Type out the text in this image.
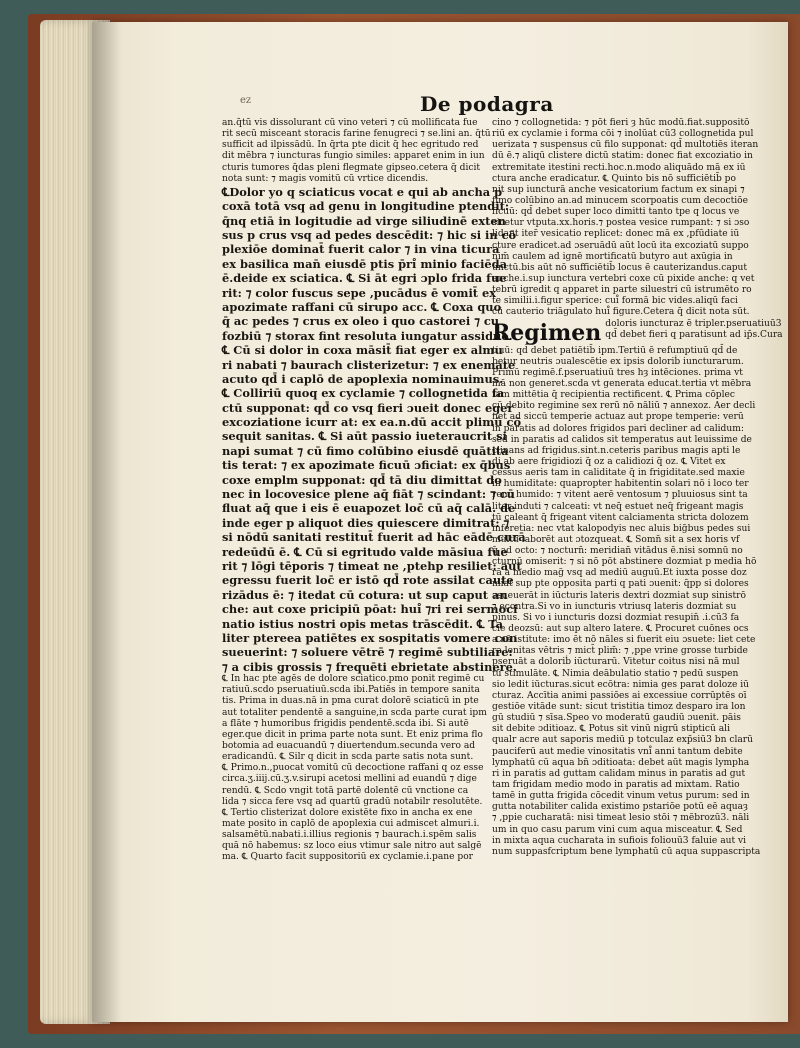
ez	De podagra
an.q̄tū vis dissolurant cū vino veteri ⁊ cū mollificata fue
rit secū misceant storacis farine fenugreci ⁊ se.lini an. q̄tū
sufficit ad ilpissādū. In q̄rta pte dicit q̄ hec egritudo red
dit mēbra ⁊ iuncturas fungio similes: apparet enim in iun
cturis tumores q̄das pleni flegmate gipseo.cetera q̄ dicit
nota sunt: ⁊ magis vomitū cū vrtice dicendis.
℄Dolor yo q sciaticus vocat e qui ab ancha p
coxā totā vsq ad genu in longitudine ptendit:
q̄nq etiā in logitudie ad virge siliudinē exten
sus p crus vsq ad pedes descēdit: ⁊ hic si in cō
plexiōe dominat̄ fuerit calor ⁊ in vina ticura
ex basilica man̄ eiusdē ptis p̄ri̊ minio faciēda
ē.deide ex sciatica. ℄ Si āt egri ɔplo frida fue
rit: ⁊ color fuscus sepe ,pucādus ē vomit̄ ex
apozimate raffani cū sirupo acc. ℄ Coxa quo
q̄ ac pedes ⁊ crus ex oleo i quo castorei ⁊ cu
fozbiū ⁊ storax fint resoluta iungatur assidue.
℄ Cū si dolor in coxa māsit̄ fiat eger ex almu
ri nabati ⁊ baurach clisterizetur: ⁊ ex enemate
acuto qd̄ i caplō de apoplexia nominauimus.
℄ Colliriū quoq ex cyclamie ⁊ collognetida fa
ctū supponat: qd̄ co vsq fieri ɔueit donec eger
excoziatione icurr at: ex ea.n.dū accit plimū cō
sequit sanitas. ℄ Si aūt passio iueteraucrit si
napi sumat ⁊ cū fimo colūbino eiusdē quātita
tis terat: ⁊ ex apozimate ficuū ɔficiat: ex q̄bus
coxe emplm supponat: qd̄ tā diu dimittat do
nec in locovesice plene aq̄ fiāt ⁊ scindant: ⁊ cū
fluat aq̄ que i eis ē euapozet loc̄ cū aq̄ calā. de
inde eger p aliquot dies quiescere dimitrat: ⁊
si nōdū sanitati restitut̄ fuerit ad hāc eādē curā
redeūdū ē. ℄ Cū si egritudo valde māsiua fue
rit ⁊ lōgi tēporis ⁊ timeat ne ,ptehp resiliet: aut
egressu fuerit loc̄ er istō qd̄ rote assilat caute
rizādus ē: ⁊ itedat cū cotura: ut sup caput an
che: aut coxe pricipiū pōat: hui̊ ⁊ri rei sermoci
natio istius nostri opis metas trāscēdit. ℄ Ta
liter ptereea patiētes ex sospitatis vomere con
sueuerint: ⁊ soluere vētrē ⁊ regimē subtiliare:
⁊ a cibis grossis ⁊ frequēti ebrietate abstinere.
℄ In hac pte agēs de dolore sciatico.pmo ponit regimē cu
ratiuū.scdo pseruatiuū.scda ibi.Patiēs in tempore sanita
tis. Prima in duas.nā in pma curat dolorē sciaticū in pte
aut totaliter pendentē a sanguine,in scda parte curat ipm
a flāte ⁊ humoribus frigidis pendentē.scda ibi. Si autē
eger.que dicit in prima parte nota sunt. Et eniz prima flo
botomia ad euacuandū ⁊ diuertendum.secunda vero ad
eradicandū. ℄ Silr q dicit in scda parte satis nota sunt.
℄ Primo.n.,puocat vomitū cū decoctione raffani q oz esse
circa.ʒ.iiij.cū.ʒ.v.sirupi acetosi mellini ad euandū ⁊ dige
rendū. ℄ Scdo vngit totā partē dolentē cū vnctione ca
lida ⁊ sicca fere vsq ad quartū gradū notabilr resolutēte.
℄ Tertio clisterizat dolore existēte fixo in ancha ex ene
mate posito in caplō de apoplexia cui admiscet almuri.i.
salsamētū.nabati.i.illius regionis ⁊ baurach.i.spēm salis
quā nō habemus: sz loco eius vtimur sale nitro aut salgē
ma. ℄ Quarto facit suppositoriū ex cyclamie.i.pane por
cino ⁊ collognetida: ⁊ pōt fieri ȝ hūc modū.fiat.suppositō
riū ex cyclamie i forma cōi ⁊ inolūat cū3 collognetida pul
uerizata ⁊ suspensus cū filo supponat: qd̄ multotiēs iteran
dū ē.⁊ aliqū clistere dictū statim: donec fiat excoziatio in
extremitate itestini recti.hoc.n.modo aliquādo mā ex iū
ctura anche eradicatur. ℄ Quinto bis nō sufficiētib̄ po
nit sup iuncturā anche vesicatorium factum ex sinapi ⁊
fimo colūbino an.ad minucem scorpoatis cum decoctiōe
ficuū: qd̄ debet super loco dimitti tanto tpe q locus ve
sicetur vtputa.xx.horis.⁊ postea vesice rumpant: ⁊ si ɔso
lidant iter̄ vesicatio replicet: donec mā ex ,pfūdiate iū
cture eradicet.ad ɔseruādū aūt locū ita excoziatū suppo
nim̄ caulem ad ignē mortificatū butyro aut axūgia in
unctū.bis aūt nō sufficiētib̄ locus ē cauterizandus.caput
anche.i.sup iunctura vertebri coxe cū pixide anche: q vet
tebrū igredit q apparet in parte siluestri cū istrumēto ro
te similii.i.figur sperice: cui̊ formā bic vides.aliqū faci
cū cauterio triāgulato hui̊ figure.Cetera q̄ dicit nota sūt.
Regimen doloris iuncturaz ē tripler.pseruatiuū3
qd̄ debet fieri q paratisunt ad ip̄s.Cura
tiuū: qd̄ debet patiētib̄ ipm.Tertiū ē refumptiuū qd̄ de
betur neutris ɔualescētie ex ipsis doloriḃ iuncturarum.
Primū regimē.f.pseruatiuū tres hȝ intēciones. prima vt
mā non generet.scda vt generata educat.tertia vt mēbra
tam mittētia q̄ recipientia rectificent. ℄ Prima cōplec
cū debito regimine sex rerū nō nāliū ⁊ annexoz. Aer decli
net ad siccū temperie actuaz aut prope temperie: verū
in paratis ad dolores frigidos pari decliner ad calidum:
sed in paratis ad calidos sit temperatus aut leuissime de
clinans ad frigidus.sint.n.ceteris paribus magis apti le
di ab aere frigidiozi q̄ oz a calidiozi q̄ oz. ℄ Vitet ex
cessus aeris tam in caliditate q̄ in frigiditate.sed maxie
in humiditate: quapropter habitentin solari nō i loco ter
reno humido: ⁊ vitent aerē ventosum ⁊ pluuiosus sint ta
liter induti ⁊ calceati: vt neq̄ estuet neq̄ frigeant magis
tū caleant q̄ frigeant vitent calciamenta stricta dolozem
inferetia: nec vtat kalopodyis nec aluis big̃bus pedes sui
multū laborēt aut ɔtozqueat. ℄ Somn̄ sit a sex horis vf
q̄ ad octo: ⁊ nocturn̄: meridian̄ vitādus ē.nisi somnū no
cturnū omiserit: ⁊ si nō pōt abstinere dozmiat p media hō
rā a medio mag̃ vsq ad mediū auguū.Et iuxta posse doz
miat sup pte opposita parti q pati ɔuenit: q̄pp si dolores
ɔsueuerāt in iūcturis lateris dextri dozmiat sup sinistrō
⁊ econtra.Si vo in iuncturis vtriusq lateris dozmiat su
pinus. Si vo i iuncturis dozsi dozmiat resupin̄ .i.cū3 fa
cie deozsū: aut sup altero latere. ℄ Procuret cuōnes ocs
a nā istitute: imo ēt nō nāles si fuerit eiu ɔsuete: liet cete
ra lenitas vētris ⁊ mict̄ plim̄: ⁊ ,ppe vrine grosse turbide
pseruāt a doloriḃ iūcturarū. Vitetur coitus nisi nā mul
tū stimulāte. ℄ Nimia deābulatio statio ⁊ pedū suspen
sio ledit iūcturas.sicut ecōtra: nimia ges parat doloze iū
cturaz. Accītia animi passiōes ai excessiue corrūptēs oī
gestiōe vitāde sunt: sicut tristitia timoz desparo ira lon
gū studiū ⁊ sīsa.Speo vo moderatū gaudiū ɔuenit. pāis
sit debite ɔditioaz. ℄ Potus sit vinū nigrū stipticū ali
qualr acre aut saporis mediū p totculaz exp̄siū3 bn clarū
pauciferū aut medie vinositatis vni̊ anni tantum debite
lymphatū cū aqua bn̄ ɔditioata: debet aūt magis lympha
ri in paratis ad guttam calidam minus in paratis ad gut
tam frigidam medio modo in paratis ad mixtam. Ratio
tamē in gutta frigida cōcedit vinum vetus purum: sed in
gutta notabiliter calida existimo pstariōe potū eē aquaȝ
⁊ ,ppie cucharatā: nisi timeat lesio stōi ⁊ mēbrozū3. nāli
um in quo casu parum vini cum aqua misceatur. ℄ Sed
in mixta aqua cucharata in sufiois foliouū3 faluie aut vi
num suppasfcriptum bene lymphatū cū aqua suppascripta
